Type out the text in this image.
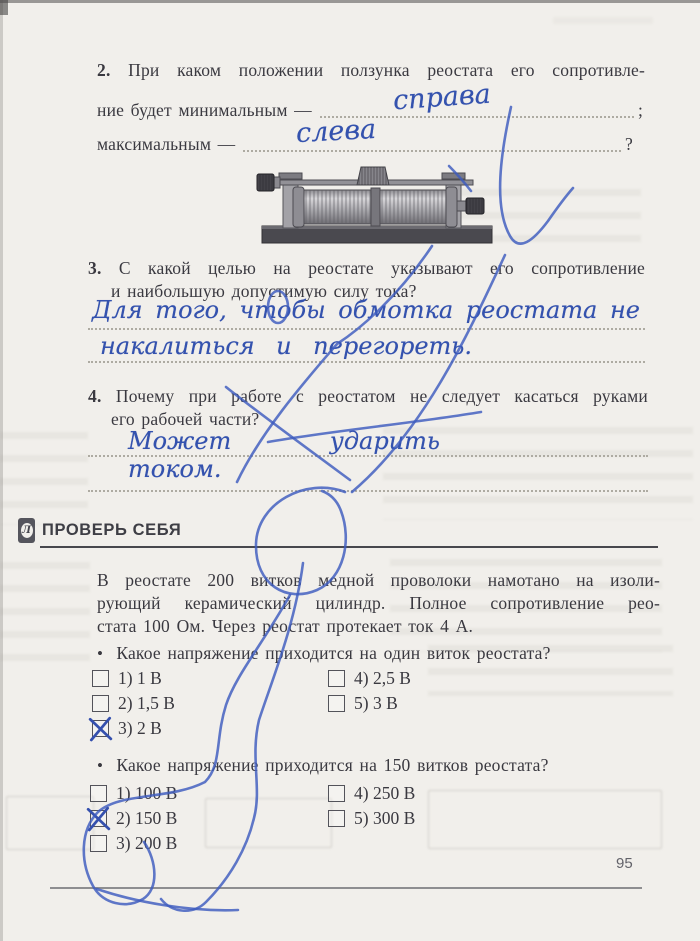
2. При каком положении ползунка реостата его сопротивле-
ние будет минимальным —	;
справа
максимальным —	?
слева
3. С какой целью на реостате указывают его сопротивление
и наибольшую допустимую силу тока?
Для того, чтобы обмотка реостата не
накалиться и перегореть.
4. Почему при работе с реостатом не следует касаться руками
его рабочей части?
Может ударить током.
Л ПРОВЕРЬ СЕБЯ
В реостате 200 витков медной проволоки намотано на изоли-
рующий керамический цилиндр. Полное сопротивление рео-
стата 100 Ом. Через реостат протекает ток 4 А.
• Какое напряжение приходится на один виток реостата?
1) 1 В
2) 1,5 В
3) 2 В
4) 2,5 В
5) 3 В
• Какое напряжение приходится на 150 витков реостата?
1) 100 В
2) 150 В
3) 200 В
4) 250 В
5) 300 В
95
